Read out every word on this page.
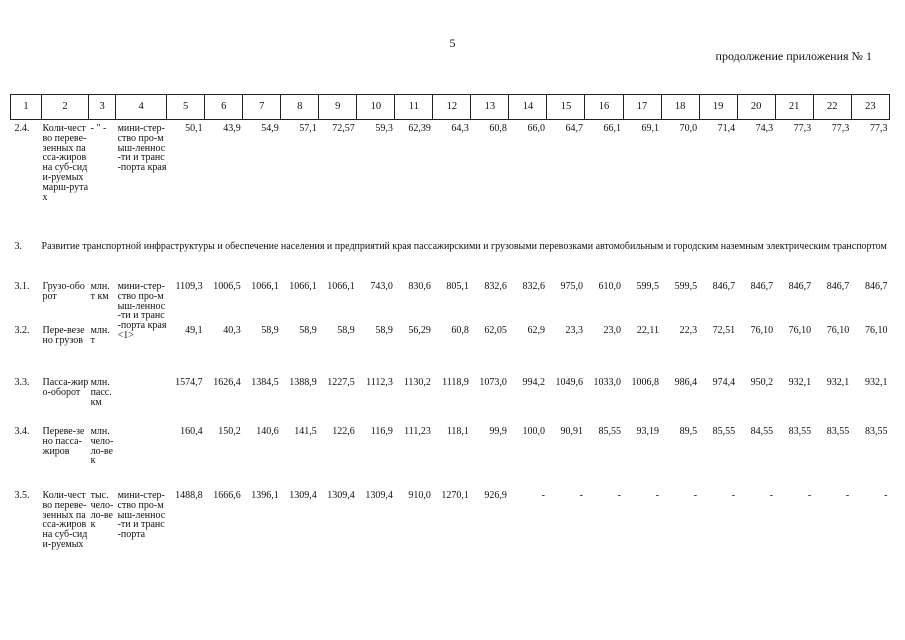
5
продолжение приложения № 1
1	2	3	4	5	6	7	8	9	10	11	12	13	14	15	16	17	18	19	20	21	22	23

2.4.	Коли-чество переве-зенных пасса-жиров на суб-сиди-руемых марш-рутах	- " -	мини-стер-ство про-мыш-леннос-ти и транс-порта края	50,1	43,9	54,9	57,1	72,57	59,3	62,39	64,3	60,8	66,0	64,7	66,1	69,1	70,0	71,4	74,3	77,3	77,3	77,3
3.	Развитие транспортной инфраструктуры и обеспечение населения и предприятий края пассажирскими и грузовыми перевозками автомобильным и городским наземным электрическим транспортом																					
3.1.	Грузо-оборот	млн. т км	мини-стер-ство про-мыш-леннос-ти и транс-порта края <1>	1109,3	1006,5	1066,1	1066,1	1066,1	743,0	830,6	805,1	832,6	832,6	975,0	610,0	599,5	599,5	846,7	846,7	846,7	846,7	846,7
3.2.	Пере-везено грузов	млн. т		49,1	40,3	58,9	58,9	58,9	58,9	56,29	60,8	62,05	62,9	23,3	23,0	22,11	22,3	72,51	76,10	76,10	76,10	76,10
3.3.	Пасса-жиро-оборот	млн. пасс. км		1574,7	1626,4	1384,5	1388,9	1227,5	1112,3	1130,2	1118,9	1073,0	994,2	1049,6	1033,0	1006,8	986,4	974,4	950,2	932,1	932,1	932,1
3.4.	Переве-зено пасса-жиров	млн. чело-ло-век		160,4	150,2	140,6	141,5	122,6	116,9	111,23	118,1	99,9	100,0	90,91	85,55	93,19	89,5	85,55	84,55	83,55	83,55	83,55
3.5.	Коли-чество переве-зенных пасса-жиров на суб-сиди-руемых	тыс. чело-ло-век	мини-стер-ство про-мыш-леннос-ти и транс-порта	1488,8	1666,6	1396,1	1309,4	1309,4	1309,4	910,0	1270,1	926,9	-	-	-	-	-	-	-	-	-	-
